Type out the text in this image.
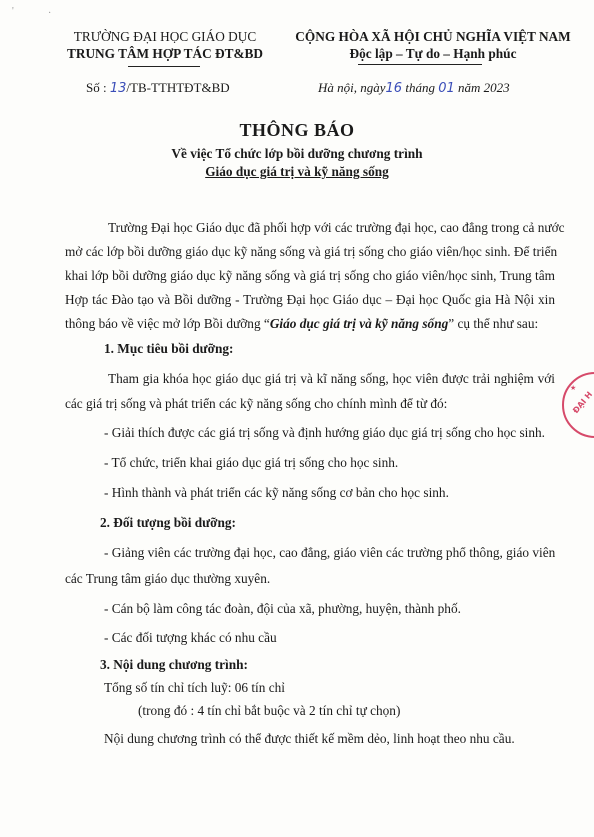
'	·
TRƯỜNG ĐẠI HỌC GIÁO DỤC
TRUNG TÂM HỢP TÁC ĐT&BD
CỘNG HÒA XÃ HỘI CHỦ NGHĨA VIỆT NAM
Độc lập – Tự do – Hạnh phúc
Số : 13/TB-TTHTĐT&BD	Hà nội, ngày16 tháng 01 năm 2023
THÔNG BÁO
Về việc Tổ chức lớp bồi dưỡng chương trình
Giáo dục giá trị và kỹ năng sống
Trường Đại học Giáo dục đã phối hợp với các trường đại học, cao đẳng trong cả nước
mở các lớp bồi dưỡng giáo dục kỹ năng sống và giá trị sống cho giáo viên/học sinh. Để triển
khai lớp bồi dưỡng giáo dục kỹ năng sống và giá trị sống cho giáo viên/học sinh, Trung tâm
Hợp tác Đào tạo và Bồi dưỡng - Trường Đại học Giáo dục – Đại học Quốc gia Hà Nội xin
thông báo về việc mở lớp Bồi dưỡng “Giáo dục giá trị và kỹ năng sống” cụ thể như sau:
1. Mục tiêu bồi dưỡng:
Tham gia khóa học giáo dục giá trị và kĩ năng sống, học viên được trải nghiệm với
các giá trị sống và phát triển các kỹ năng sống cho chính mình để từ đó:
- Giải thích được các giá trị sống và định hướng giáo dục giá trị sống cho học sinh.
- Tổ chức, triển khai giáo dục giá trị sống cho học sinh.
- Hình thành và phát triển các kỹ năng sống cơ bản cho học sinh.
2. Đối tượng bồi dưỡng:
- Giảng viên các trường đại học, cao đẳng, giáo viên các trường phổ thông, giáo viên
các Trung tâm giáo dục thường xuyên.
- Cán bộ làm công tác đoàn, đội của xã, phường, huyện, thành phố.
- Các đối tượng khác có nhu cầu
3. Nội dung chương trình:
Tổng số tín chỉ tích luỹ: 06 tín chỉ
(trong đó : 4 tín chỉ bắt buộc và 2 tín chỉ tự chọn)
Nội dung chương trình có thể được thiết kế mềm dẻo, linh hoạt theo nhu cầu.
★
ĐẠI H
